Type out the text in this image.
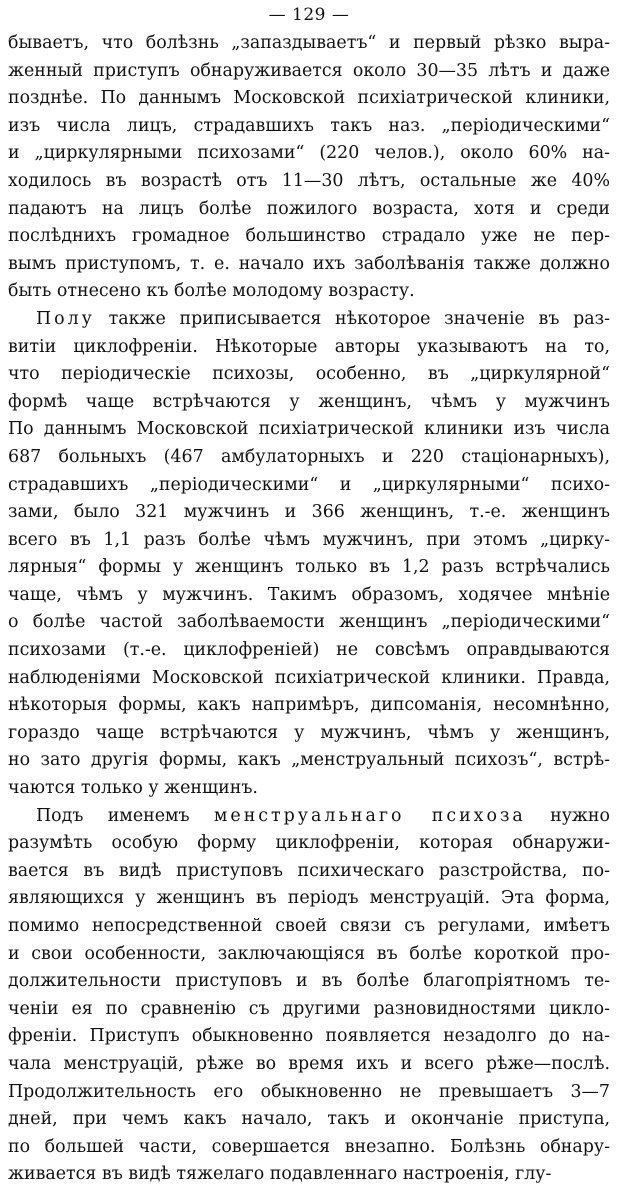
— 129 —

бываетъ, что болѣзнь „запаздываетъ“ и первый рѣзко выра-
женный приступъ обнаруживается около 30—35 лѣтъ и даже
позднѣе. По даннымъ Московской психіатрической клиники,
изъ числа лицъ, страдавшихъ такъ наз. „періодическими“
и „циркулярными психозами“ (220 челов.), около 60% на-
ходилось въ возрастѣ отъ 11—30 лѣтъ, остальные же 40%
падаютъ на лицъ болѣе пожилого возраста, хотя и среди
послѣднихъ громадное большинство страдало уже не пер-
вымъ приступомъ, т. е. начало ихъ заболѣванія также должно
быть отнесено къ болѣе молодому возрасту.

Полу также приписывается нѣкоторое значеніе въ раз-
витіи циклофреніи. Нѣкоторые авторы указываютъ на то,
что періодическіе психозы, особенно, въ „циркулярной“
формѣ чаще встрѣчаются у женщинъ, чѣмъ у мужчинъ
По даннымъ Московской психіатрической клиники изъ числа
687 больныхъ (467 амбулаторныхъ и 220 стаціонарныхъ),
страдавшихъ „періодическими“ и „циркулярными“ психо-
зами, было 321 мужчинъ и 366 женщинъ, т.-е. женщинъ
всего въ 1,1 разъ болѣе чѣмъ мужчинъ, при этомъ „цирку-
лярныя“ формы у женщинъ только въ 1,2 разъ встрѣчались
чаще, чѣмъ у мужчинъ. Такимъ образомъ, ходячее мнѣніе
о болѣе частой заболѣваемости женщинъ „періодическими“
психозами (т.-е. циклофреніей) не совсѣмъ оправдываются
наблюденіями Московской психіатрической клиники. Правда,
нѣкоторыя формы, какъ напримѣръ, дипсоманія, несомнѣнно,
гораздо чаще встрѣчаются у мужчинъ, чѣмъ у женщинъ,
но зато другія формы, какъ „менструальный психозъ“, встрѣ-
чаются только у женщинъ.

Подъ именемъ менструальнаго психоза нужно
разумѣть особую форму циклофреніи, которая обнаружи-
вается въ видѣ приступовъ психическаго разстройства, по-
являющихся у женщинъ въ періодъ менструацій. Эта форма,
помимо непосредственной своей связи съ регулами, имѣетъ
и свои особенности, заключающіяся въ болѣе короткой про-
должительности приступовъ и въ болѣе благопріятномъ те-
ченіи ея по сравненію съ другими разновидностями цикло-
френіи. Приступъ обыкновенно появляется незадолго до на-
чала менструацій, рѣже во время ихъ и всего рѣже—послѣ.
Продолжительность его обыкновенно не превышаетъ 3—7
дней, при чемъ какъ начало, такъ и окончаніе приступа,
по большей части, совершается внезапно. Болѣзнь обнару-
живается въ видѣ тяжелаго подавленнаго настроенія, глу-
